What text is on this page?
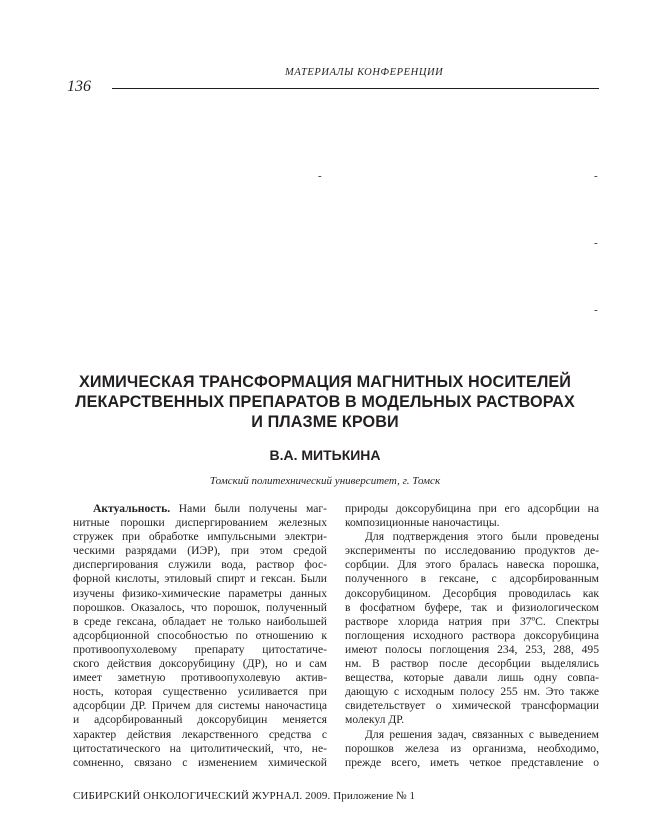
МАТЕРИАЛЫ КОНФЕРЕНЦИИ
136
-	-
-
-
ХИМИЧЕСКАЯ ТРАНСФОРМАЦИЯ МАГНИТНЫХ НОСИТЕЛЕЙ
ЛЕКАРСТВЕННЫХ ПРЕПАРАТОВ В МОДЕЛЬНЫХ РАСТВОРАХ
И ПЛАЗМЕ КРОВИ
В.А. МИТЬКИНА
Томский политехнический университет, г. Томск
Актуальность. Нами были получены маг-
нитные порошки диспергированием железных
стружек при обработке импульсными электри-
ческими разрядами (ИЭР), при этом средой
диспергирования служили вода, раствор фос-
форной кислоты, этиловый спирт и гексан. Были
изучены физико-химические параметры данных
порошков. Оказалось, что порошок, полученный
в среде гексана, обладает не только наибольшей
адсорбционной способностью по отношению к
противоопухолевому препарату цитостатиче-
ского действия доксорубицину (ДР), но и сам
имеет заметную противоопухолевую актив-
ность, которая существенно усиливается при
адсорбции ДР. Причем для системы наночастица
и адсорбированный доксорубицин меняется
характер действия лекарственного средства с
цитостатического на цитолитический, что, не-
сомненно, связано с изменением химической
природы доксорубицина при его адсорбции на
композиционные наночастицы.
Для подтверждения этого были проведены
эксперименты по исследованию продуктов де-
сорбции. Для этого бралась навеска порошка,
полученного в гексане, с адсорбированным
доксорубицином. Десорбция проводилась как
в фосфатном буфере, так и физиологическом
растворе хлорида натрия при 37ºС. Спектры
поглощения исходного раствора доксорубицина
имеют полосы поглощения 234, 253, 288, 495
нм. В раствор после десорбции выделялись
вещества, которые давали лишь одну совпа-
дающую с исходным полосу 255 нм. Это также
свидетельствует о химической трансформации
молекул ДР.
Для решения задач, связанных с выведением
порошков железа из организма, необходимо,
прежде всего, иметь четкое представление о
СИБИРСКИЙ ОНКОЛОГИЧЕСКИЙ ЖУРНАЛ. 2009. Приложение № 1
